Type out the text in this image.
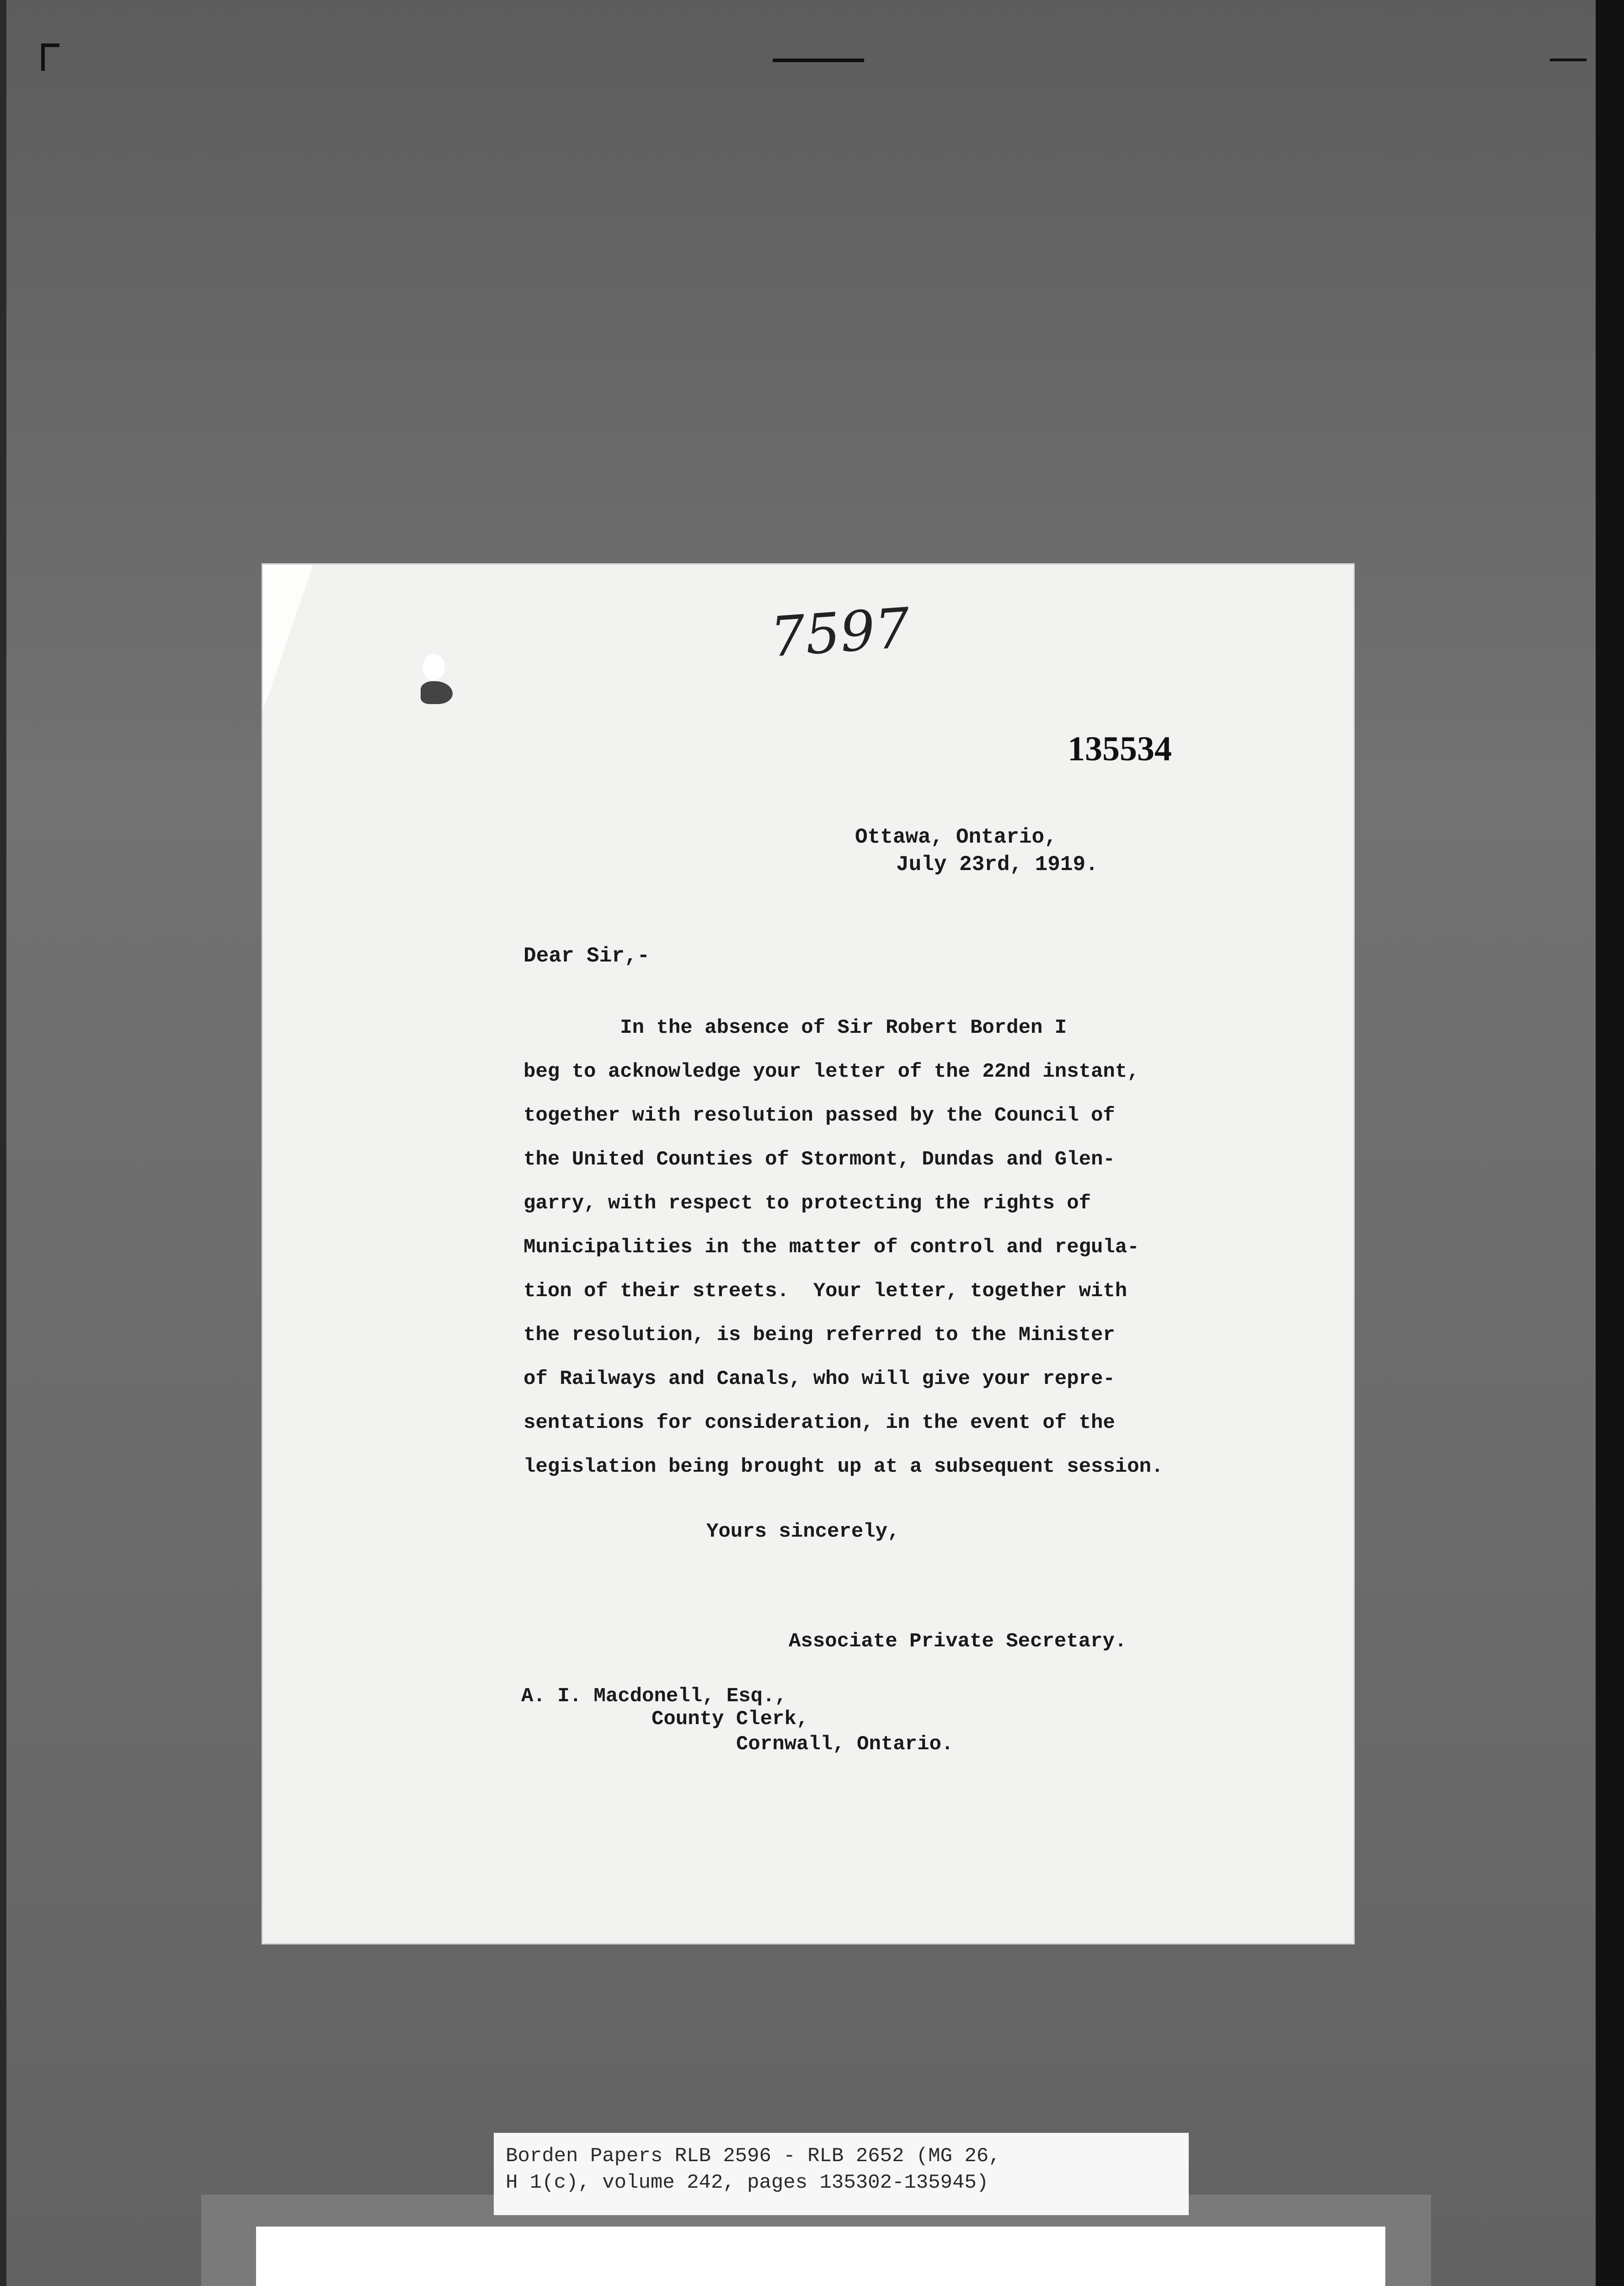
7597
135534
Ottawa, Ontario,
July 23rd, 1919.
Dear Sir,-
In the absence of Sir Robert Borden I
beg to acknowledge your letter of the 22nd instant,
together with resolution passed by the Council of
the United Counties of Stormont, Dundas and Glen-
garry, with respect to protecting the rights of
Municipalities in the matter of control and regula-
tion of their streets.  Your letter, together with
the resolution, is being referred to the Minister
of Railways and Canals, who will give your repre-
sentations for consideration, in the event of the
legislation being brought up at a subsequent session.
Yours sincerely,
Associate Private Secretary.
A. I. Macdonell, Esq.,
County Clerk,
Cornwall, Ontario.
Borden Papers RLB 2596 - RLB 2652 (MG 26,
H 1(c), volume 242, pages 135302-135945)
